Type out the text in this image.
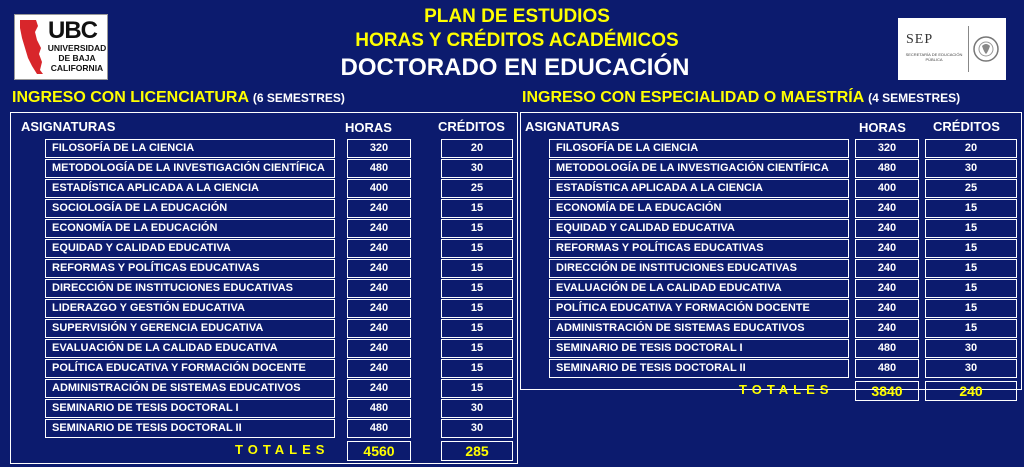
UBC
UNIVERSIDAD DE BAJA CALIFORNIA
SEP
SECRETARÍA DE EDUCACIÓN PÚBLICA
PLAN DE ESTUDIOS
HORAS Y CRÉDITOS ACADÉMICOS
DOCTORADO EN EDUCACIÓN
INGRESO CON LICENCIATURA (6 SEMESTRES)	INGRESO CON ESPECIALIDAD O MAESTRÍA (4 SEMESTRES)
ASIGNATURAS	HORAS	CRÉDITOS
FILOSOFÍA DE LA CIENCIA	320	20
METODOLOGÍA DE LA INVESTIGACIÓN CIENTÍFICA	480	30
ESTADÍSTICA APLICADA A LA CIENCIA	400	25
SOCIOLOGÍA DE LA EDUCACIÓN	240	15
ECONOMÍA DE LA EDUCACIÓN	240	15
EQUIDAD Y CALIDAD EDUCATIVA	240	15
REFORMAS Y POLÍTICAS EDUCATIVAS	240	15
DIRECCIÓN DE INSTITUCIONES EDUCATIVAS	240	15
LIDERAZGO Y GESTIÓN EDUCATIVA	240	15
SUPERVISIÓN Y GERENCIA EDUCATIVA	240	15
EVALUACIÓN DE LA CALIDAD EDUCATIVA	240	15
POLÍTICA EDUCATIVA Y FORMACIÓN DOCENTE	240	15
ADMINISTRACIÓN DE SISTEMAS EDUCATIVOS	240	15
SEMINARIO DE TESIS DOCTORAL I	480	30
SEMINARIO DE TESIS DOCTORAL II	480	30
TOTALES	4560	285
ASIGNATURAS	HORAS CRÉDITOS
FILOSOFÍA DE LA CIENCIA	320	20
METODOLOGÍA DE LA INVESTIGACIÓN CIENTÍFICA	480	30
ESTADÍSTICA APLICADA A LA CIENCIA	400	25
ECONOMÍA DE LA EDUCACIÓN	240	15
EQUIDAD Y CALIDAD EDUCATIVA	240	15
REFORMAS Y POLÍTICAS EDUCATIVAS	240	15
DIRECCIÓN DE INSTITUCIONES EDUCATIVAS	240	15
EVALUACIÓN DE LA CALIDAD EDUCATIVA	240	15
POLÍTICA EDUCATIVA Y FORMACIÓN DOCENTE	240	15
ADMINISTRACIÓN DE SISTEMAS EDUCATIVOS	240	15
SEMINARIO DE TESIS DOCTORAL I	480	30
SEMINARIO DE TESIS DOCTORAL II	480	30
TOTALES	3840	240
